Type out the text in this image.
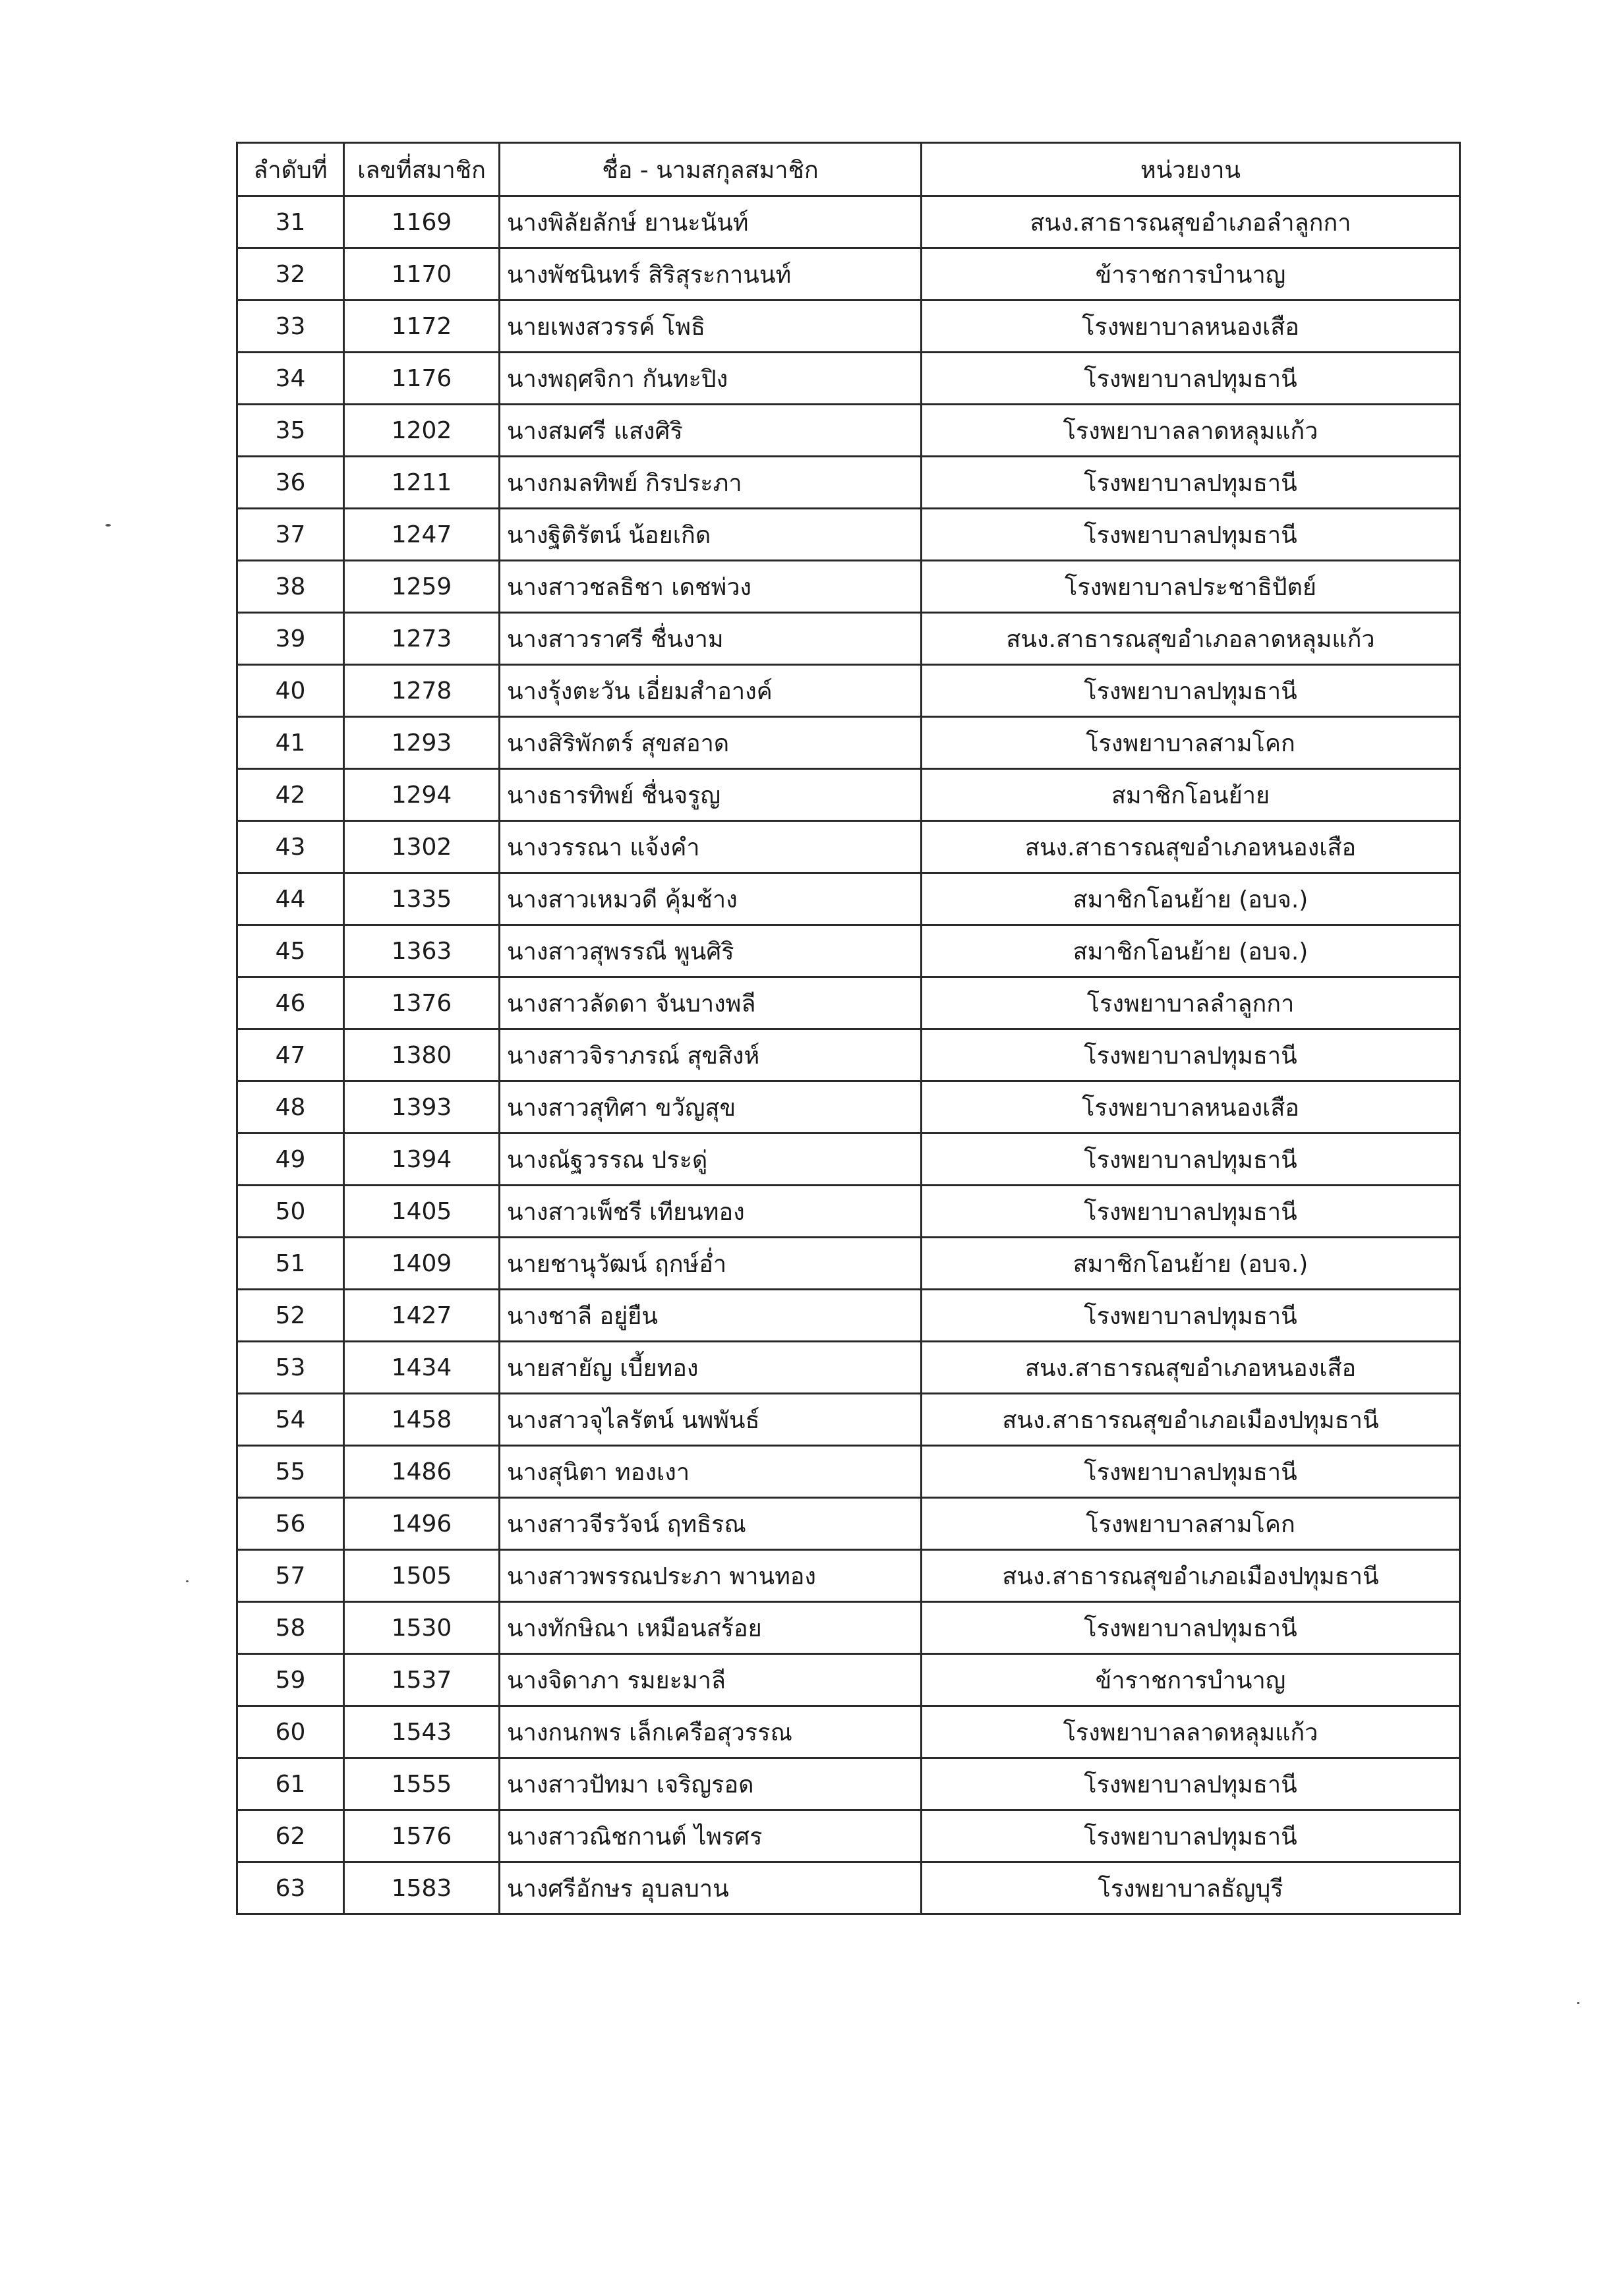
ลำดับที่	เลขที่สมาชิก	ชื่อ - นามสกุลสมาชิก	หน่วยงาน
31	1169	นางพิลัยลักษ์ ยานะนันท์	สนง.สาธารณสุขอำเภอลำลูกกา
32	1170	นางพัชนินทร์ สิริสุระกานนท์	ข้าราชการบำนาญ
33	1172	นายเพงสวรรค์ โพธิ	โรงพยาบาลหนองเสือ
34	1176	นางพฤศจิกา กันทะปิง	โรงพยาบาลปทุมธานี
35	1202	นางสมศรี แสงศิริ	โรงพยาบาลลาดหลุมแก้ว
36	1211	นางกมลทิพย์ กิรประภา	โรงพยาบาลปทุมธานี
37	1247	นางฐิติรัตน์ น้อยเกิด	โรงพยาบาลปทุมธานี
38	1259	นางสาวชลธิชา เดชพ่วง	โรงพยาบาลประชาธิปัตย์
39	1273	นางสาวราศรี ชื่นงาม	สนง.สาธารณสุขอำเภอลาดหลุมแก้ว
40	1278	นางรุ้งตะวัน เอี่ยมสำอางค์	โรงพยาบาลปทุมธานี
41	1293	นางสิริพักตร์ สุขสอาด	โรงพยาบาลสามโคก
42	1294	นางธารทิพย์ ชื่นจรูญ	สมาชิกโอนย้าย
43	1302	นางวรรณา แจ้งคำ	สนง.สาธารณสุขอำเภอหนองเสือ
44	1335	นางสาวเหมวดี คุ้มช้าง	สมาชิกโอนย้าย (อบจ.)
45	1363	นางสาวสุพรรณี พูนศิริ	สมาชิกโอนย้าย (อบจ.)
46	1376	นางสาวลัดดา จันบางพลี	โรงพยาบาลลำลูกกา
47	1380	นางสาวจิราภรณ์ สุขสิงห์	โรงพยาบาลปทุมธานี
48	1393	นางสาวสุทิศา ขวัญสุข	โรงพยาบาลหนองเสือ
49	1394	นางณัฐวรรณ ประดู่	โรงพยาบาลปทุมธานี
50	1405	นางสาวเพ็ชรี เทียนทอง	โรงพยาบาลปทุมธานี
51	1409	นายชานุวัฒน์ ฤกษ์อ่ำ	สมาชิกโอนย้าย (อบจ.)
52	1427	นางชาลี อยู่ยืน	โรงพยาบาลปทุมธานี
53	1434	นายสายัญ เบี้ยทอง	สนง.สาธารณสุขอำเภอหนองเสือ
54	1458	นางสาวจุไลรัตน์ นพพันธ์	สนง.สาธารณสุขอำเภอเมืองปทุมธานี
55	1486	นางสุนิตา ทองเงา	โรงพยาบาลปทุมธานี
56	1496	นางสาวจีรวัจน์ ฤทธิรณ	โรงพยาบาลสามโคก
57	1505	นางสาวพรรณประภา พานทอง	สนง.สาธารณสุขอำเภอเมืองปทุมธานี
58	1530	นางทักษิณา เหมือนสร้อย	โรงพยาบาลปทุมธานี
59	1537	นางจิดาภา รมยะมาลี	ข้าราชการบำนาญ
60	1543	นางกนกพร เล็กเครือสุวรรณ	โรงพยาบาลลาดหลุมแก้ว
61	1555	นางสาวปัทมา เจริญรอด	โรงพยาบาลปทุมธานี
62	1576	นางสาวณิชกานต์ ไพรศร	โรงพยาบาลปทุมธานี
63	1583	นางศรีอักษร อุบลบาน	โรงพยาบาลธัญบุรี
